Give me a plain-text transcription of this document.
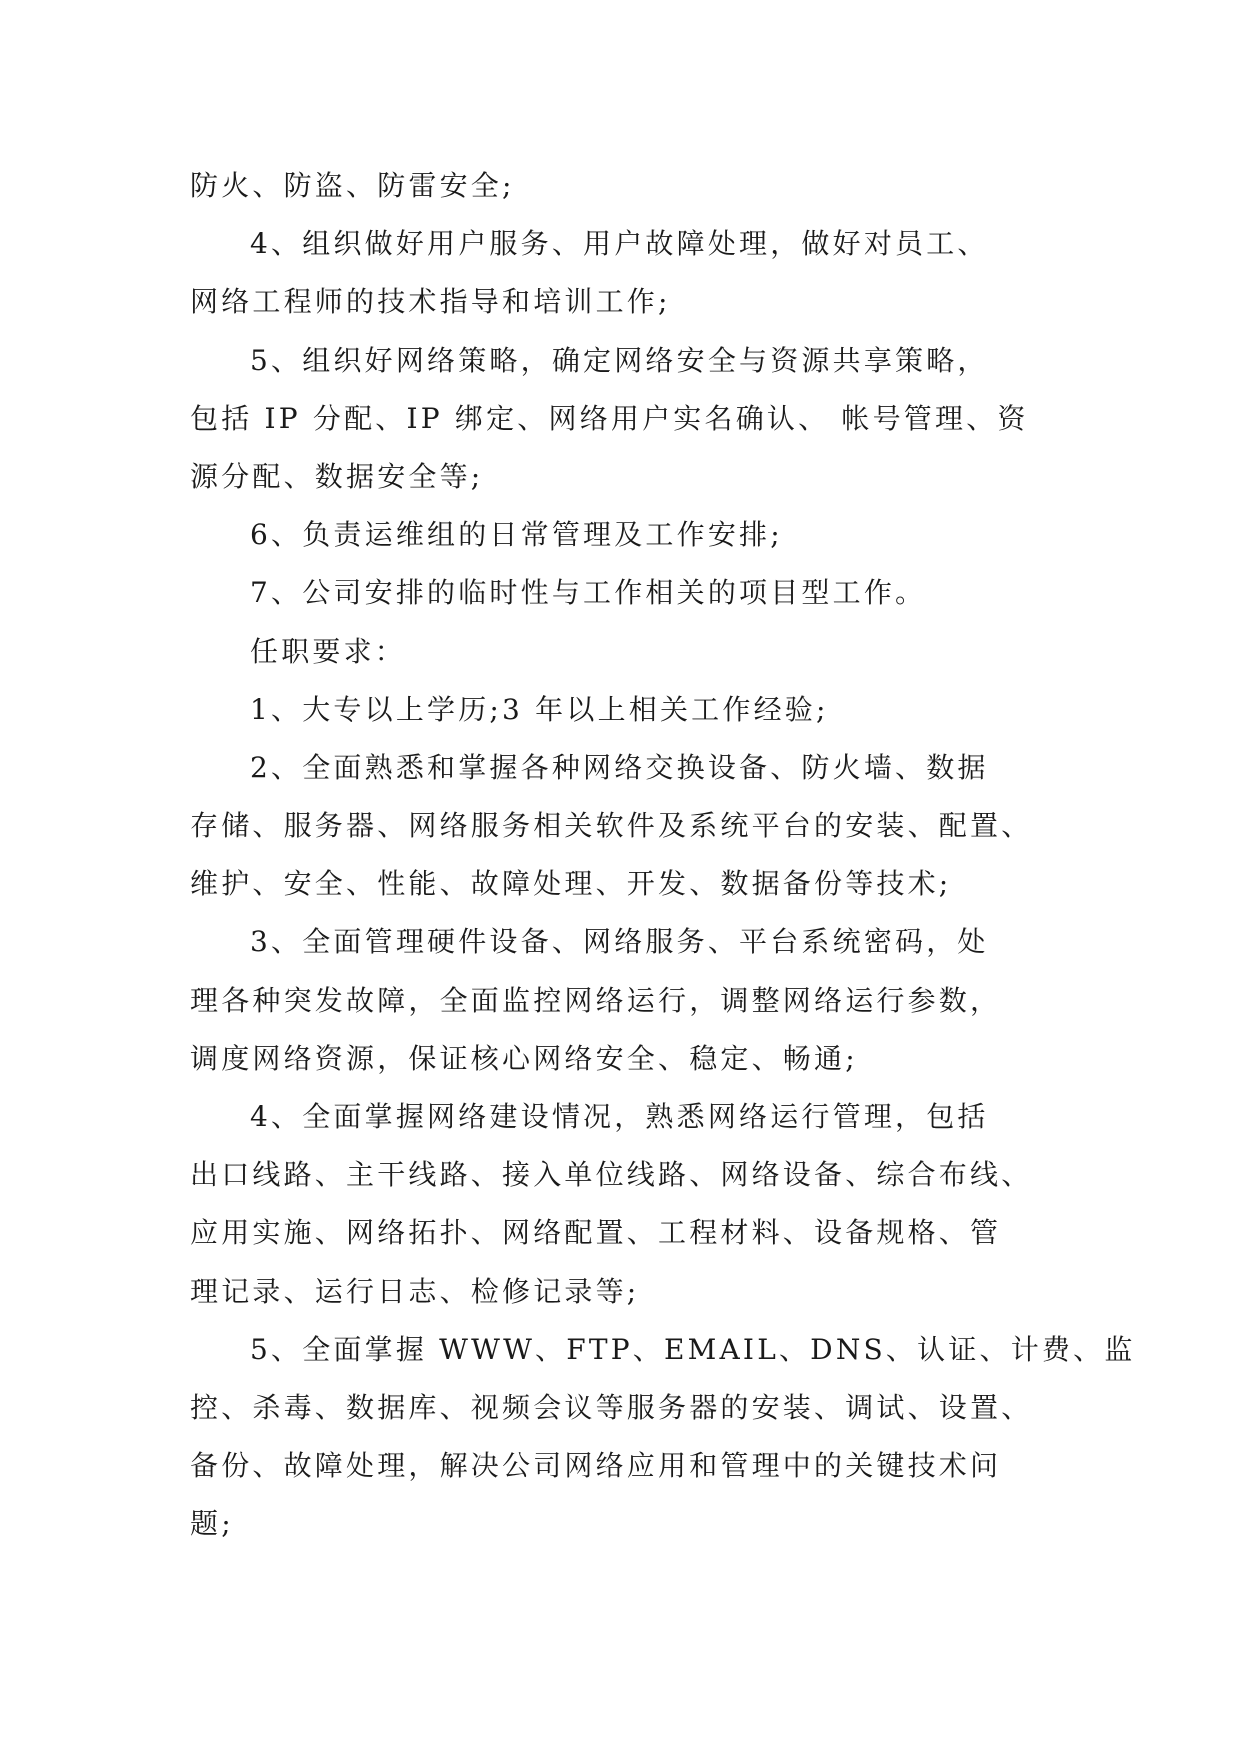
防火、防盗、防雷安全;
4、组织做好用户服务、用户故障处理，做好对员工、
网络工程师的技术指导和培训工作;
5、组织好网络策略，确定网络安全与资源共享策略，
包括 IP 分配、IP 绑定、网络用户实名确认、 帐号管理、资
源分配、数据安全等;
6、负责运维组的日常管理及工作安排;
7、公司安排的临时性与工作相关的项目型工作。
任职要求：
1、大专以上学历;3 年以上相关工作经验;
2、全面熟悉和掌握各种网络交换设备、防火墙、数据
存储、服务器、网络服务相关软件及系统平台的安装、配置、
维护、安全、性能、故障处理、开发、数据备份等技术;
3、全面管理硬件设备、网络服务、平台系统密码，处
理各种突发故障，全面监控网络运行，调整网络运行参数，
调度网络资源，保证核心网络安全、稳定、畅通;
4、全面掌握网络建设情况，熟悉网络运行管理，包括
出口线路、主干线路、接入单位线路、网络设备、综合布线、
应用实施、网络拓扑、网络配置、工程材料、设备规格、管
理记录、运行日志、检修记录等;
5、全面掌握 WWW、FTP、EMAIL、DNS、认证、计费、监
控、杀毒、数据库、视频会议等服务器的安装、调试、设置、
备份、故障处理，解决公司网络应用和管理中的关键技术问
题;
